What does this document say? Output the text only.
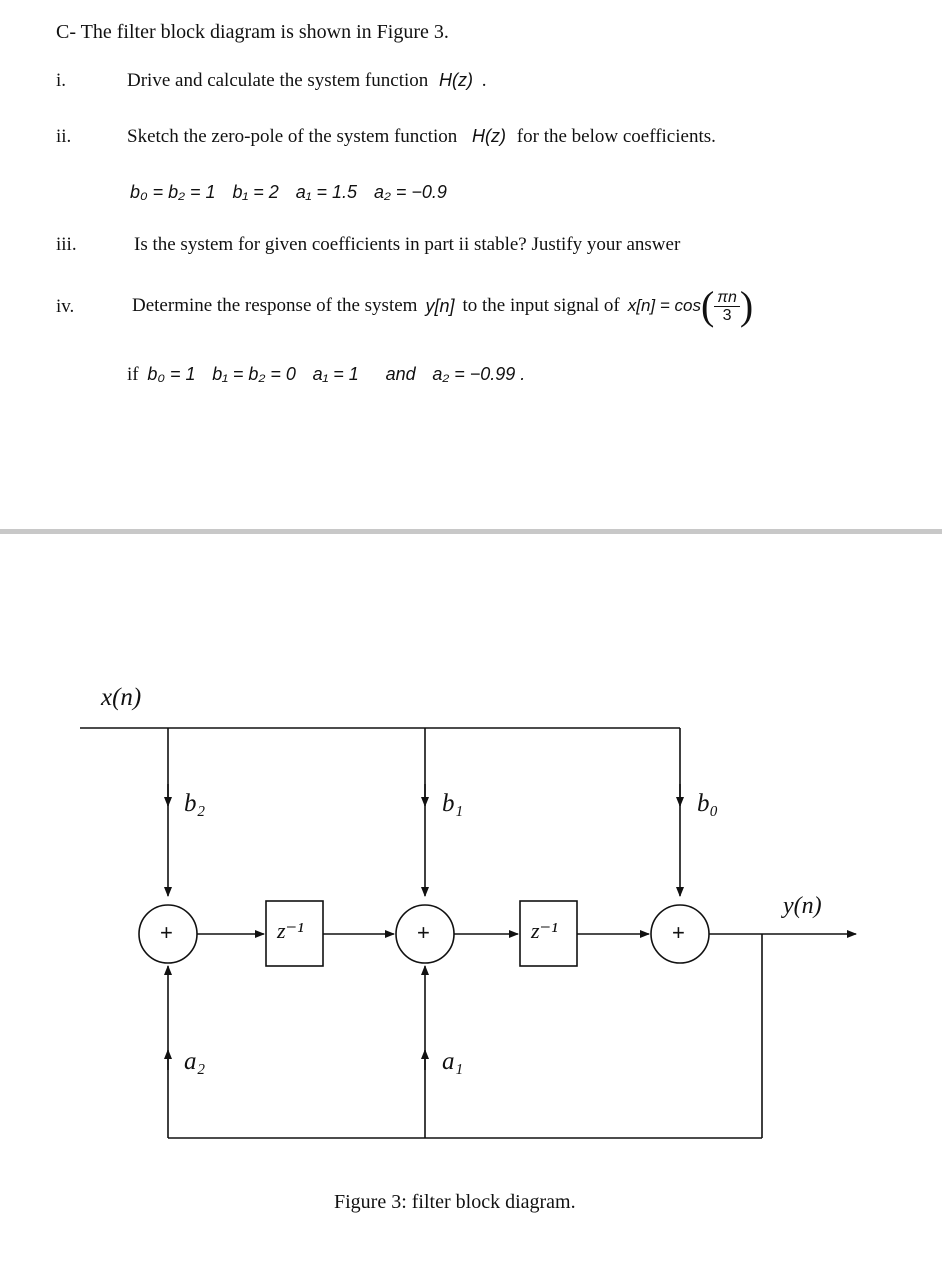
C- The filter block diagram is shown in Figure 3.
i.	Drive and calculate the system function H(z) .
ii.	Sketch the zero-pole of the system function H(z) for the below coefficients.
b₀ = b₂ = 1 b₁ = 2 a₁ = 1.5 a₂ = −0.9
iii.	Is the system for given coefficients in part ii stable? Justify your answer
iv.	Determine the response of the system y[n] to the input signal of x[n] = cos ( $\frac{\pi n}{3}$ )
if b₀ = 1 b₁ = b₂ = 0 a₁ = 1 and a₂ = −0.99 .
x(n)
y(n)
b₂	b₁	b₀
a₂	a₁
+	+	+
z⁻¹	z⁻¹
Figure 3: filter block diagram.
